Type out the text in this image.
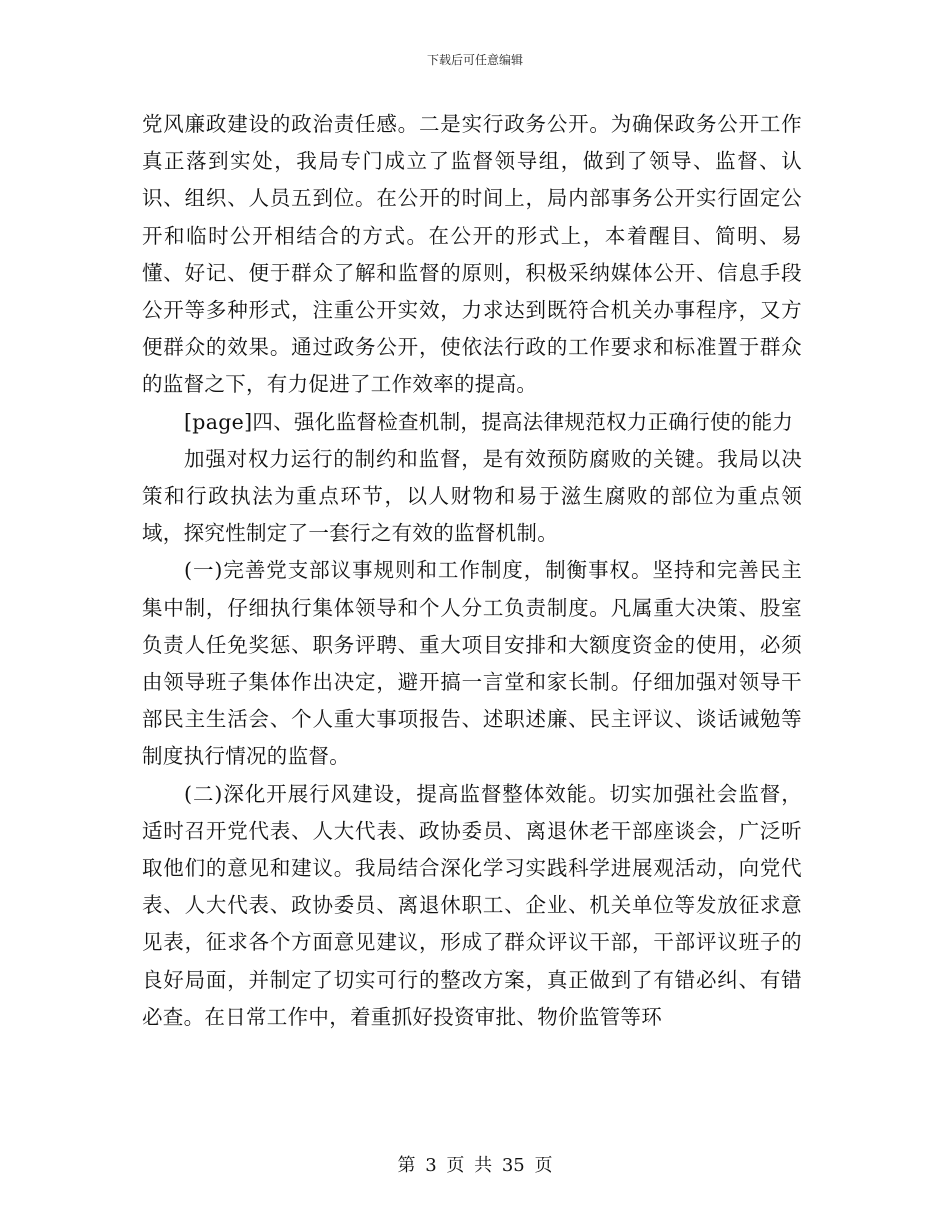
下载后可任意编辑

党风廉政建设的政治责任感。二是实行政务公开。为确保政务公开工作真正落到实处，我局专门成立了监督领导组，做到了领导、监督、认识、组织、人员五到位。在公开的时间上，局内部事务公开实行固定公开和临时公开相结合的方式。在公开的形式上，本着醒目、简明、易懂、好记、便于群众了解和监督的原则，积极采纳媒体公开、信息手段公开等多种形式，注重公开实效，力求达到既符合机关办事程序，又方便群众的效果。通过政务公开，使依法行政的工作要求和标准置于群众的监督之下，有力促进了工作效率的提高。

[page]四、强化监督检查机制，提高法律规范权力正确行使的能力

加强对权力运行的制约和监督，是有效预防腐败的关键。我局以决策和行政执法为重点环节，以人财物和易于滋生腐败的部位为重点领域，探究性制定了一套行之有效的监督机制。

(一)完善党支部议事规则和工作制度，制衡事权。坚持和完善民主集中制，仔细执行集体领导和个人分工负责制度。凡属重大决策、股室负责人任免奖惩、职务评聘、重大项目安排和大额度资金的使用，必须由领导班子集体作出决定，避开搞一言堂和家长制。仔细加强对领导干部民主生活会、个人重大事项报告、述职述廉、民主评议、谈话诫勉等制度执行情况的监督。

(二)深化开展行风建设，提高监督整体效能。切实加强社会监督，适时召开党代表、人大代表、政协委员、离退休老干部座谈会，广泛听取他们的意见和建议。我局结合深化学习实践科学进展观活动，向党代表、人大代表、政协委员、离退休职工、企业、机关单位等发放征求意见表，征求各个方面意见建议，形成了群众评议干部，干部评议班子的良好局面，并制定了切实可行的整改方案，真正做到了有错必纠、有错必查。在日常工作中，着重抓好投资审批、物价监管等环

第 3 页 共 35 页
